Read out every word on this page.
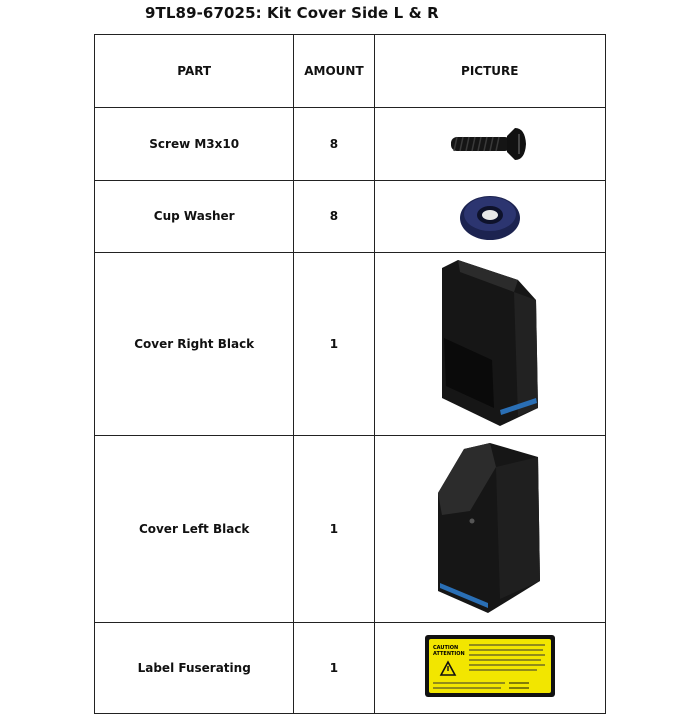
9TL89-67025: Kit Cover Side L & R
PART	AMOUNT	PICTURE
Screw M3x10	8	

Cup Washer	8	

Cover Right Black	1	

Cover Left Black	1	

Label Fuserating	1	CAUTION
ATTENTION
